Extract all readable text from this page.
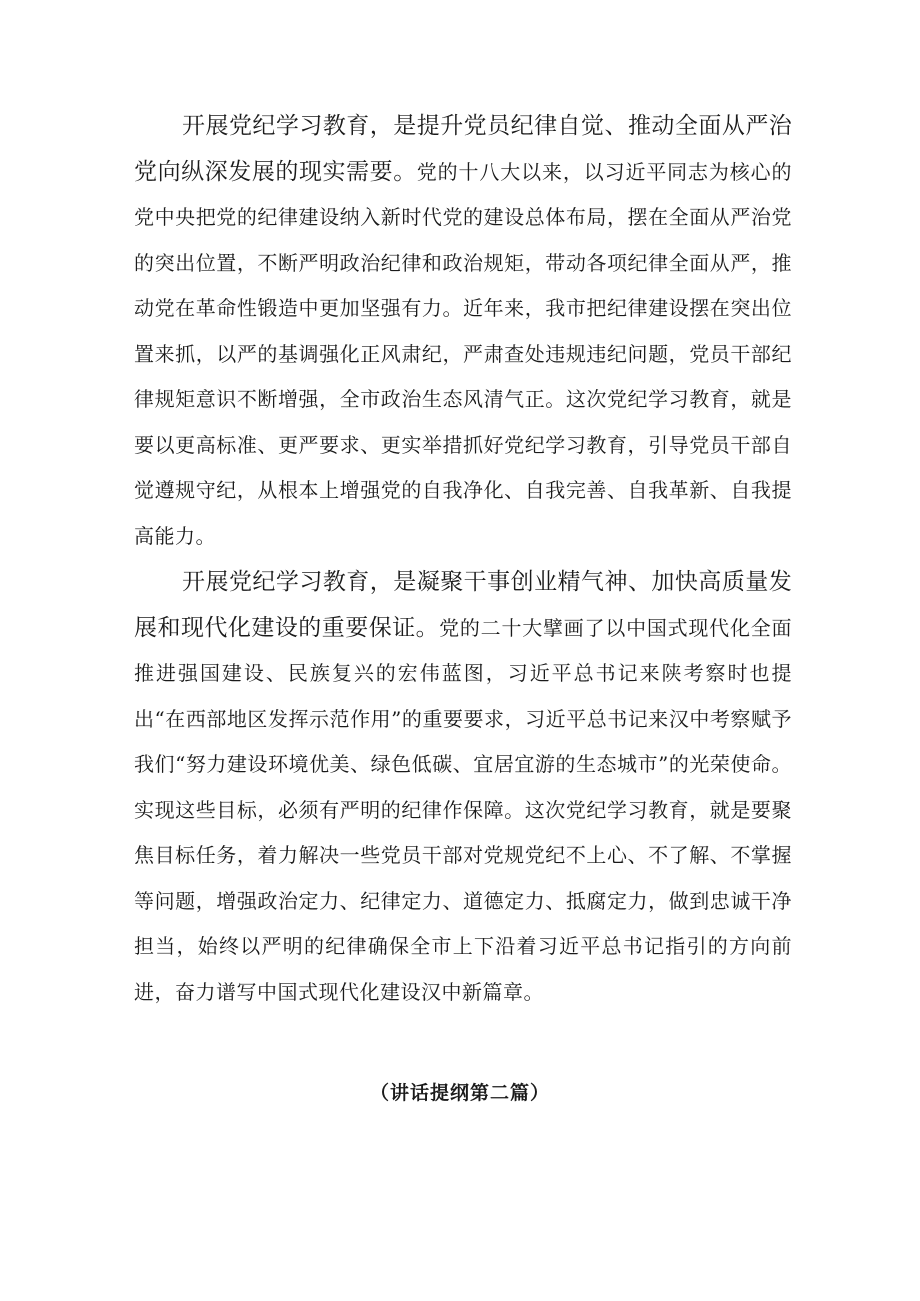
开展党纪学习教育，是提升党员纪律自觉、推动全面从严治党向纵深发展的现实需要。党的十八大以来，以习近平同志为核心的党中央把党的纪律建设纳入新时代党的建设总体布局，摆在全面从严治党的突出位置，不断严明政治纪律和政治规矩，带动各项纪律全面从严，推动党在革命性锻造中更加坚强有力。近年来，我市把纪律建设摆在突出位置来抓，以严的基调强化正风肃纪，严肃查处违规违纪问题，党员干部纪律规矩意识不断增强，全市政治生态风清气正。这次党纪学习教育，就是要以更高标准、更严要求、更实举措抓好党纪学习教育，引导党员干部自觉遵规守纪，从根本上增强党的自我净化、自我完善、自我革新、自我提高能力。

开展党纪学习教育，是凝聚干事创业精气神、加快高质量发展和现代化建设的重要保证。党的二十大擘画了以中国式现代化全面推进强国建设、民族复兴的宏伟蓝图，习近平总书记来陕考察时也提出“在西部地区发挥示范作用”的重要要求，习近平总书记来汉中考察赋予我们“努力建设环境优美、绿色低碳、宜居宜游的生态城市”的光荣使命。实现这些目标，必须有严明的纪律作保障。这次党纪学习教育，就是要聚焦目标任务，着力解决一些党员干部对党规党纪不上心、不了解、不掌握等问题，增强政治定力、纪律定力、道德定力、抵腐定力，做到忠诚干净担当，始终以严明的纪律确保全市上下沿着习近平总书记指引的方向前进，奋力谱写中国式现代化建设汉中新篇章。

（讲话提纲第二篇）
